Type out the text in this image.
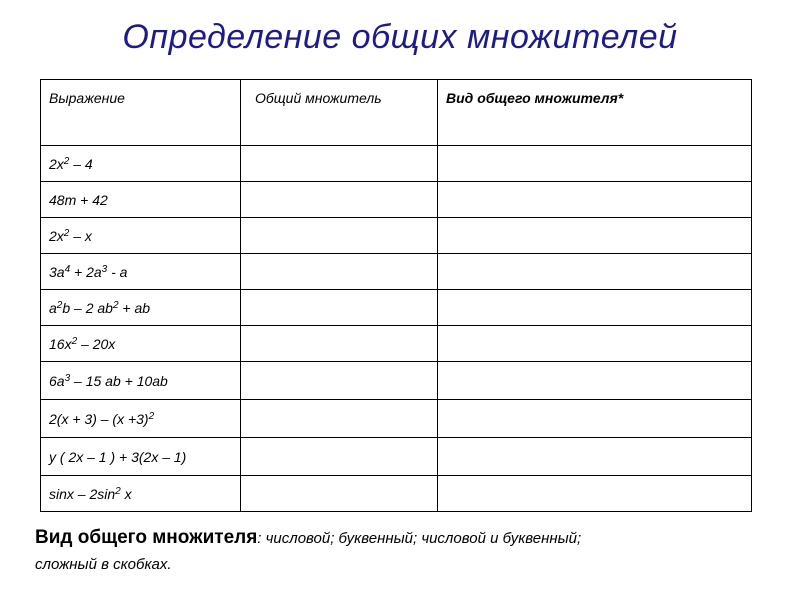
Определение общих множителей
Выражение	Общий множитель	Вид общего множителя*
$2x^2 - 4$		
48m + 42		
$2x^2$ – x		
$3a^4 + 2a^3 - a$		
$a^2b - 2$ $ab^2$ + ab		
$16x^2 - 20x$		
$6a^3 - 15$ ab + 10ab		
$2(x + 3) - (x +3)^2$		
y ( 2x – 1 ) + 3(2x – 1)		
sinx – $2\sin^2$ x		
Вид общего множителя: числовой; буквенный; числовой и буквенный; сложный в скобках.
